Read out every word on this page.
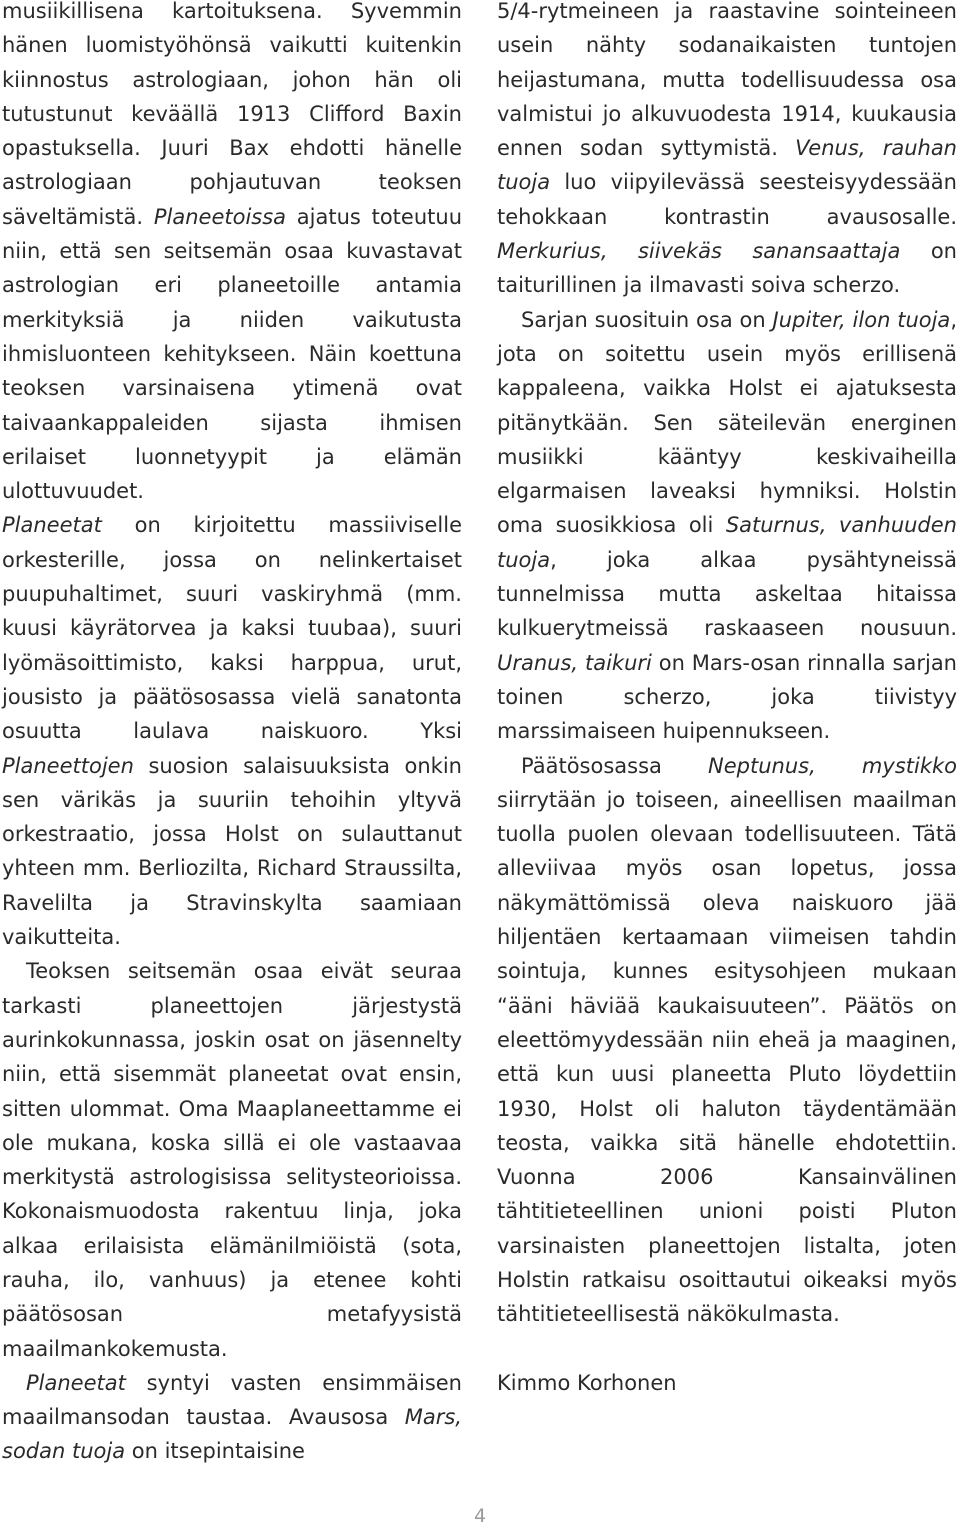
musiikillisena kartoituksena. Syvemmin hänen luomistyöhönsä vaikutti kuitenkin kiinnostus astrologiaan, johon hän oli tutustunut keväällä 1913 Clifford Baxin opastuksella. Juuri Bax ehdotti hänelle astrologiaan pohjautuvan teoksen säveltämistä. Planeetoissa ajatus toteutuu niin, että sen seitsemän osaa kuvastavat astrologian eri planeetoille antamia merkityksiä ja niiden vaikutusta ihmisluonteen kehitykseen. Näin koettuna teoksen varsinaisena ytimenä ovat taivaankappaleiden sijasta ihmisen erilaiset luonnetyypit ja elämän ulottuvuudet.

Planeetat on kirjoitettu massiiviselle orkesterille, jossa on nelinkertaiset puupuhaltimet, suuri vaskiryhmä (mm. kuusi käyrätorvea ja kaksi tuubaa), suuri lyömäsoittimisto, kaksi harppua, urut, jousisto ja päätösosassa vielä sanatonta osuutta laulava naiskuoro. Yksi Planeettojen suosion salaisuuksista onkin sen värikäs ja suuriin tehoihin yltyvä orkestraatio, jossa Holst on sulauttanut yhteen mm. Berliozilta, Richard Straussilta, Ravelilta ja Stravinskylta saamiaan vaikutteita.

Teoksen seitsemän osaa eivät seuraa tarkasti planeettojen järjestystä aurinkokunnassa, joskin osat on jäsennelty niin, että sisemmät planeetat ovat ensin, sitten ulommat. Oma Maaplaneettamme ei ole mukana, koska sillä ei ole vastaavaa merkitystä astrologisissa selitysteorioissa. Kokonaismuodosta rakentuu linja, joka alkaa erilaisista elämänilmiöistä (sota, rauha, ilo, vanhuus) ja etenee kohti päätösosan metafyysistä maailmankokemusta.

Planeetat syntyi vasten ensimmäisen maailmansodan taustaa. Avausosa Mars, sodan tuoja on itsepintaisine

5/4-rytmeineen ja raastavine sointeineen usein nähty sodanaikaisten tuntojen heijastumana, mutta todellisuudessa osa valmistui jo alkuvuodesta 1914, kuukausia ennen sodan syttymistä. Venus, rauhan tuoja luo viipyilevässä seesteisyydessään tehokkaan kontrastin avausosalle. Merkurius, siivekäs sanansaattaja on taiturillinen ja ilmavasti soiva scherzo.

Sarjan suosituin osa on Jupiter, ilon tuoja, jota on soitettu usein myös erillisenä kappaleena, vaikka Holst ei ajatuksesta pitänytkään. Sen säteilevän energinen musiikki kääntyy keskivaiheilla elgarmaisen laveaksi hymniksi. Holstin oma suosikkiosa oli Saturnus, vanhuuden tuoja, joka alkaa pysähtyneissä tunnelmissa mutta askeltaa hitaissa kulkuerytmeissä raskaaseen nousuun. Uranus, taikuri on Mars-osan rinnalla sarjan toinen scherzo, joka tiivistyy marssimaiseen huipennukseen.

Päätösosassa Neptunus, mystikko siirrytään jo toiseen, aineellisen maailman tuolla puolen olevaan todellisuuteen. Tätä alleviivaa myös osan lopetus, jossa näkymättömissä oleva naiskuoro jää hiljentäen kertaamaan viimeisen tahdin sointuja, kunnes esitysohjeen mukaan “ääni häviää kaukaisuuteen”. Päätös on eleettömyydessään niin eheä ja maaginen, että kun uusi planeetta Pluto löydettiin 1930, Holst oli haluton täydentämään teosta, vaikka sitä hänelle ehdotettiin. Vuonna 2006 Kansainvälinen tähtitieteellinen unioni poisti Pluton varsinaisten planeettojen listalta, joten Holstin ratkaisu osoittautui oikeaksi myös tähtitieteellisestä näkökulmasta.

Kimmo Korhonen

4
